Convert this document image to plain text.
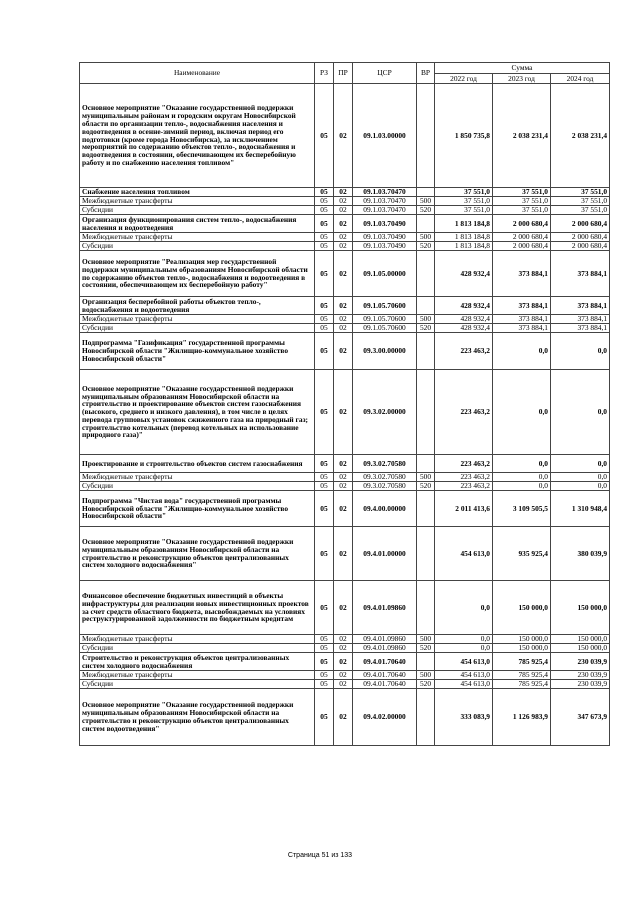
Наименование	РЗ	ПР	ЦСР	ВР	Сумма		
					2022 год	2023 год	2024 год
Основное мероприятие "Оказание государственной поддержки муниципальным районам и городским округам Новосибирской области по организации тепло-, водоснабжения населения и водоотведения в осенне-зимний период, включая период его подготовки (кроме города Новосибирска), за исключением мероприятий по содержанию объектов тепло-, водоснабжения и водоотведения в состоянии, обеспечивающем их бесперебойную работу и по снабжению населения топливом"	05	02	09.1.03.00000		1 850 735,8	2 038 231,4	2 038 231,4
Снабжение населения топливом	05	02	09.1.03.70470		37 551,0	37 551,0	37 551,0
Межбюджетные трансферты	05	02	09.1.03.70470	500	37 551,0	37 551,0	37 551,0
Субсидии	05	02	09.1.03.70470	520	37 551,0	37 551,0	37 551,0
Организация функционирования систем тепло-, водоснабжения населения и водоотведения	05	02	09.1.03.70490		1 813 184,8	2 000 680,4	2 000 680,4
Межбюджетные трансферты	05	02	09.1.03.70490	500	1 813 184,8	2 000 680,4	2 000 680,4
Субсидии	05	02	09.1.03.70490	520	1 813 184,8	2 000 680,4	2 000 680,4
Основное мероприятие "Реализация мер государственной поддержки муниципальным образованиям Новосибирской области по содержанию объектов тепло-, водоснабжения и водоотведения в состоянии, обеспечивающем их бесперебойную работу"	05	02	09.1.05.00000		428 932,4	373 884,1	373 884,1
Организация бесперебойной работы объектов тепло-, водоснабжения и водоотведения	05	02	09.1.05.70600		428 932,4	373 884,1	373 884,1
Межбюджетные трансферты	05	02	09.1.05.70600	500	428 932,4	373 884,1	373 884,1
Субсидии	05	02	09.1.05.70600	520	428 932,4	373 884,1	373 884,1
Подпрограмма "Газификация" государственной программы Новосибирской области "Жилищно-коммунальное хозяйство Новосибирской области"	05	02	09.3.00.00000		223 463,2	0,0	0,0
Основное мероприятие "Оказание государственной поддержки муниципальным образованиям Новосибирской области на строительство и проектирование объектов систем газоснабжения (высокого, среднего и низкого давления), в том числе в целях перевода групповых установок сжиженного газа на природный газ; строительство котельных (перевод котельных на использование природного газа)"	05	02	09.3.02.00000		223 463,2	0,0	0,0
Проектирование и строительство объектов систем газоснабжения	05	02	09.3.02.70580		223 463,2	0,0	0,0
Межбюджетные трансферты	05	02	09.3.02.70580	500	223 463,2	0,0	0,0
Субсидии	05	02	09.3.02.70580	520	223 463,2	0,0	0,0
Подпрограмма "Чистая вода" государственной программы Новосибирской области "Жилищно-коммунальное хозяйство Новосибирской области"	05	02	09.4.00.00000		2 011 413,6	3 109 505,5	1 310 948,4
Основное мероприятие "Оказание государственной поддержки муниципальным образованиям Новосибирской области на строительство и реконструкцию объектов централизованных систем холодного водоснабжения"	05	02	09.4.01.00000		454 613,0	935 925,4	380 039,9
Финансовое обеспечение бюджетных инвестиций в объекты инфраструктуры для реализации новых инвестиционных проектов за счет средств областного бюджета, высвобождаемых на условиях реструктурированной задолженности по бюджетным кредитам	05	02	09.4.01.09860		0,0	150 000,0	150 000,0
Межбюджетные трансферты	05	02	09.4.01.09860	500	0,0	150 000,0	150 000,0
Субсидии	05	02	09.4.01.09860	520	0,0	150 000,0	150 000,0
Строительство и реконструкция объектов централизованных систем холодного водоснабжения	05	02	09.4.01.70640		454 613,0	785 925,4	230 039,9
Межбюджетные трансферты	05	02	09.4.01.70640	500	454 613,0	785 925,4	230 039,9
Субсидии	05	02	09.4.01.70640	520	454 613,0	785 925,4	230 039,9
Основное мероприятие "Оказание государственной поддержки муниципальным образованиям Новосибирской области на строительство и реконструкцию объектов централизованных систем водоотведения"	05	02	09.4.02.00000		333 083,9	1 126 983,9	347 673,9
Страница 51 из 133
